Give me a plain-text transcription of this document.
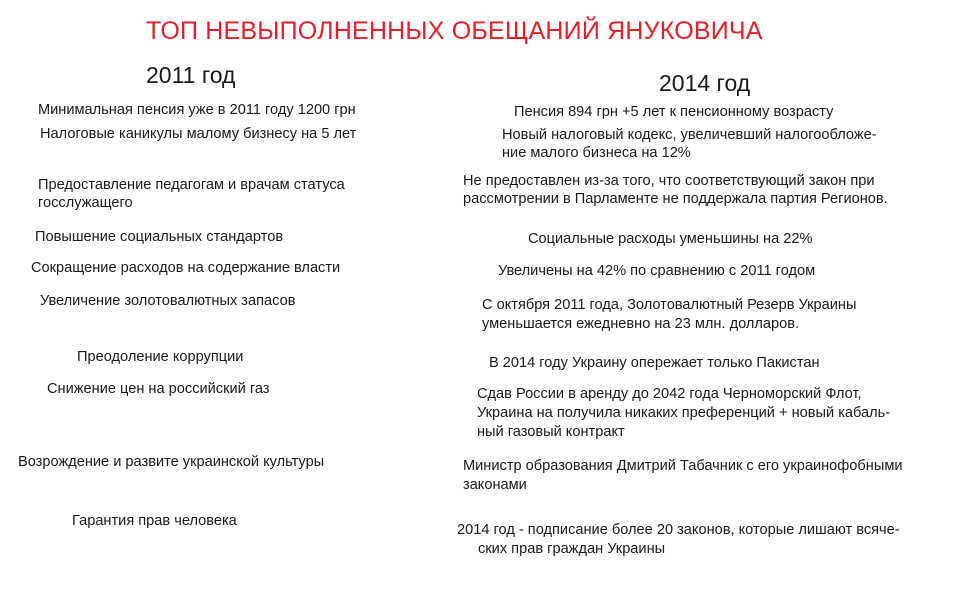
ТОП НЕВЫПОЛНЕННЫХ ОБЕЩАНИЙ ЯНУКОВИЧА
2011 год	2014 год
Минимальная пенсия уже в 2011 году 1200 грн
Налоговые каникулы малому бизнесу на 5 лет
Предоставление педагогам и врачам статуса
госслужащего
Повышение социальных стандартов
Сокращение расходов на содержание власти
Увеличение золотовалютных запасов
Преодоление коррупции
Снижение цен на российский газ
Возрождение и развите украинской культуры
Гарантия прав человека
Пенсия 894 грн +5 лет к пенсионному возрасту
Новый налоговый кодекс, увеличевший налогообложе-
ние малого бизнеса на 12%
Не предоставлен из-за того, что соответствующий закон при
рассмотрении в Парламенте не поддержала партия Регионов.
Социальные расходы уменьшины на 22%
Увеличены на 42% по сравнению с 2011 годом
С октября 2011 года, Золотовалютный Резерв Украины
уменьшается ежедневно на 23 млн. долларов.
В 2014 году Украину опережает только Пакистан
Сдав России в аренду до 2042 года Черноморский Флот,
Украина на получила никаких преференций + новый кабаль-
ный газовый контракт
Министр образования Дмитрий Табачник с его украинофобными
законами
2014 год - подписание более 20 законов, которые лишают всяче-
ских прав граждан Украины
